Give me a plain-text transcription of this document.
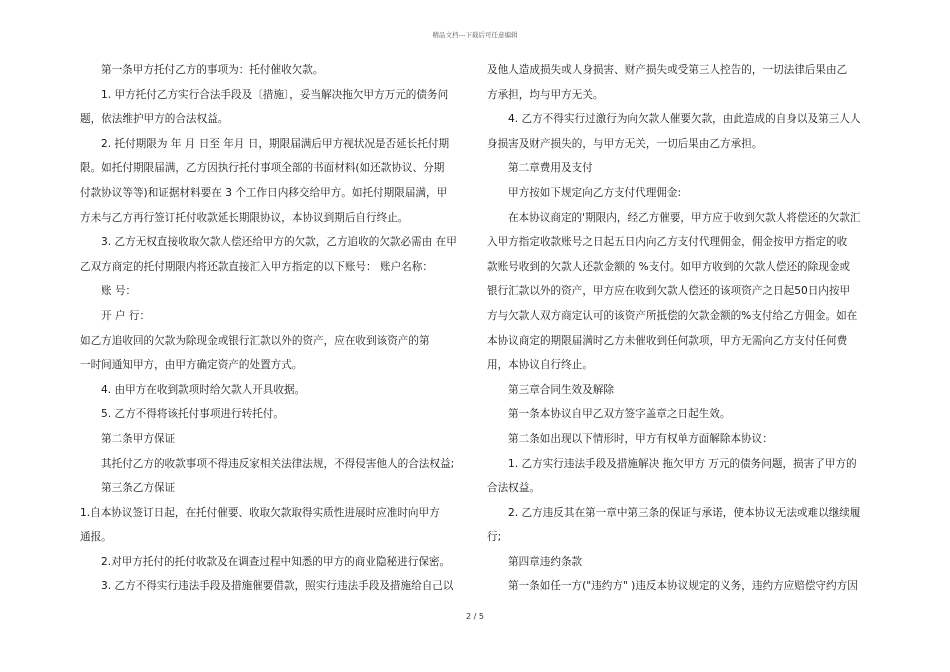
精品文档---下载后可任意编辑
第一条甲方托付乙方的事项为：托付催收欠款。
1. 甲方托付乙方实行合法手段及〔措施〕，妥当解决拖欠甲方万元的债务问
题，依法维护甲方的合法权益。
2. 托付期限为 年 月 日至 年月 日，期限届满后甲方视状况是否延长托付期
限。如托付期限届满，乙方因执行托付事项全部的书面材料(如还款协议、分期
付款协议等等)和证据材料要在 3 个工作日内移交给甲方。如托付期限届满，甲
方未与乙方再行签订托付收款延长期限协议，本协议到期后自行终止。
3. 乙方无权直接收取欠款人偿还给甲方的欠款，乙方追收的欠款必需由 在甲
乙双方商定的托付期限内将还款直接汇入甲方指定的以下账号： 账户名称：
账 号：
开 户 行：
如乙方追收回的欠款为除现金或银行汇款以外的资产，应在收到该资产的第
一时间通知甲方，由甲方确定资产的处置方式。
4. 由甲方在收到款项时给欠款人开具收据。
5. 乙方不得将该托付事项进行转托付。
第二条甲方保证
其托付乙方的收款事项不得违反家相关法律法规，不得侵害他人的合法权益;
第三条乙方保证
1.自本协议签订日起，在托付催要、收取欠款取得实质性进展时应准时向甲方
通报。
2.对甲方托付的托付收款及在调查过程中知悉的甲方的商业隐秘进行保密。
3. 乙方不得实行违法手段及措施催要借款，照实行违法手段及措施给自己以
及他人造成损失或人身损害、财产损失或受第三人控告的，一切法律后果由乙
方承担，均与甲方无关。
4. 乙方不得实行过激行为向欠款人催要欠款，由此造成的自身以及第三人人
身损害及财产损失的，与甲方无关，一切后果由乙方承担。
第二章费用及支付
甲方按如下规定向乙方支付代理佣金:
在本协议商定的'期限内，经乙方催要，甲方应于收到欠款人将偿还的欠款汇
入甲方指定收款账号之日起五日内向乙方支付代理佣金，佣金按甲方指定的收
款账号收到的欠款人还款金额的 %支付。如甲方收到的欠款人偿还的除现金或
银行汇款以外的资产，甲方应在收到欠款人偿还的该项资产之日起50日内按甲
方与欠款人双方商定认可的该资产所抵偿的欠款金额的%支付给乙方佣金。如在
本协议商定的期限届满时乙方未催收到任何款项，甲方无需向乙方支付任何费
用，本协议自行终止。
第三章合同生效及解除
第一条本协议自甲乙双方签字盖章之日起生效。
第二条如出现以下情形时，甲方有权单方面解除本协议：
1. 乙方实行违法手段及措施解决 拖欠甲方 万元的债务问题，损害了甲方的
合法权益。
2. 乙方违反其在第一章中第三条的保证与承诺，使本协议无法或难以继续履
行;
第四章违约条款
第一条如任一方("违约方" )违反本协议规定的义务，违约方应赔偿守约方因
2 / 5
